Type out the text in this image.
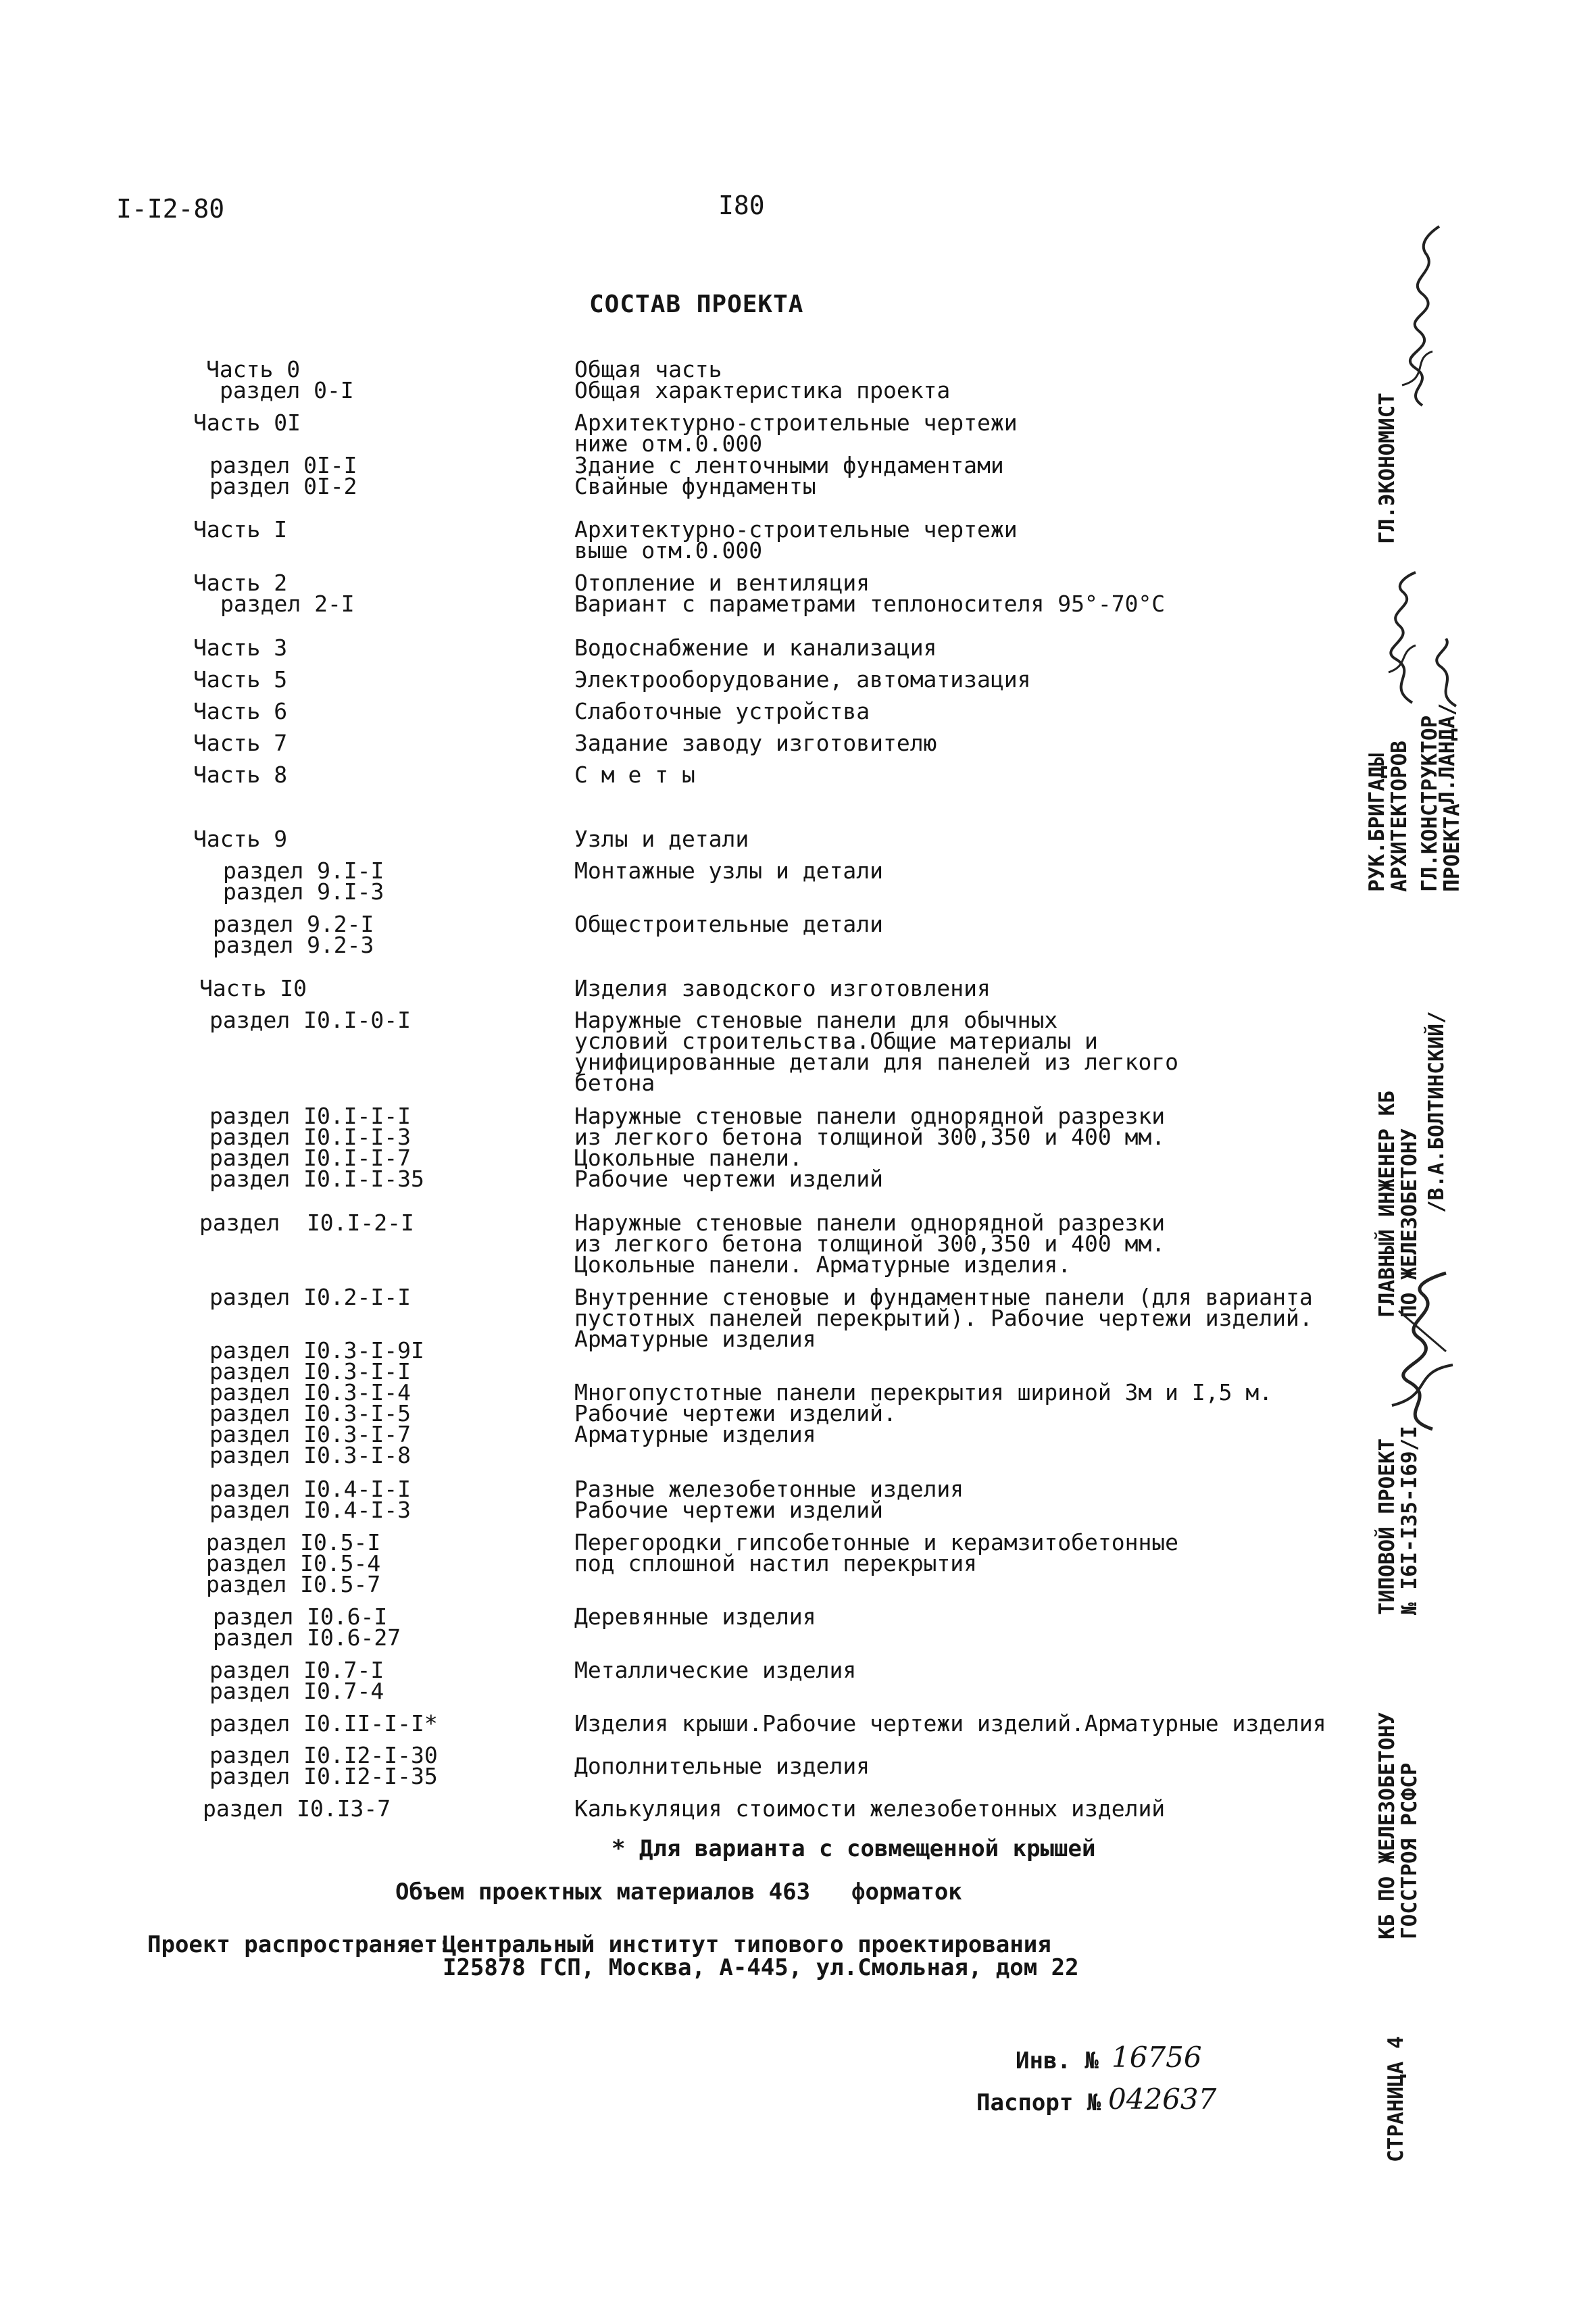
I-I2-80	I80
СОСТАВ ПРОЕКТА
Часть 0
раздел 0-I
Часть 0I
раздел 0I-I
раздел 0I-2
Часть I
Часть 2
раздел 2-I
Часть 3
Часть 5
Часть 6
Часть 7
Часть 8
Часть 9
раздел 9.I-I
раздел 9.I-3
раздел 9.2-I
раздел 9.2-3
Часть I0
раздел I0.I-0-I
раздел I0.I-I-I
раздел I0.I-I-3
раздел I0.I-I-7
раздел I0.I-I-35
раздел  I0.I-2-I
раздел I0.2-I-I
раздел I0.3-I-9I
раздел I0.3-I-I
раздел I0.3-I-4
раздел I0.3-I-5
раздел I0.3-I-7
раздел I0.3-I-8
раздел I0.4-I-I
раздел I0.4-I-3
раздел I0.5-I
раздел I0.5-4
раздел I0.5-7
раздел I0.6-I
раздел I0.6-27
раздел I0.7-I
раздел I0.7-4
раздел I0.II-I-I*
раздел I0.I2-I-30
раздел I0.I2-I-35
раздел I0.I3-7
Общая часть
Общая характеристика проекта
Архитектурно-строительные чертежи
ниже отм.0.000
Здание с ленточными фундаментами
Свайные фундаменты
Архитектурно-строительные чертежи
выше отм.0.000
Отопление и вентиляция
Вариант с параметрами теплоносителя 95°-70°С
Водоснабжение и канализация
Электрооборудование, автоматизация
Слаботочные устройства
Задание заводу изготовителю
С м е т ы
Узлы и детали
Монтажные узлы и детали
Общестроительные детали
Изделия заводского изготовления
Наружные стеновые панели для обычных
условий строительства.Общие материалы и
унифицированные детали для панелей из легкого
бетона
Наружные стеновые панели однорядной разрезки
из легкого бетона толщиной 300,350 и 400 мм.
Цокольные панели.
Рабочие чертежи изделий
Наружные стеновые панели однорядной разрезки
из легкого бетона толщиной 300,350 и 400 мм.
Цокольные панели. Арматурные изделия.
Внутренние стеновые и фундаментные панели (для варианта
пустотных панелей перекрытий). Рабочие чертежи изделий.
Арматурные изделия
Многопустотные панели перекрытия шириной 3м и I,5 м.
Рабочие чертежи изделий.
Арматурные изделия
Разные железобетонные изделия
Рабочие чертежи изделий
Перегородки гипсобетонные и керамзитобетонные
под сплошной настил перекрытия
Деревянные изделия
Металлические изделия
Изделия крыши.Рабочие чертежи изделий.Арматурные изделия
Дополнительные изделия
Калькуляция стоимости железобетонных изделий
* Для варианта с совмещенной крышей
Объем проектных материалов 463 форматок
Проект распространяет:
Центральный институт типового проектирования
I25878 ГСП, Москва, А-445, ул.Смольная, дом 22
Инв. № 16756
Паспорт № 042637
ГЛ.ЭКОНОМИСТ
РУК.БРИГАДЫ
АРХИТЕКТОРОВ Л.ЛАНДА/
ГЛ.КОНСТРУКТОР
ПРОЕКТА
ГЛАВНЫЙ ИНЖЕНЕР КБ
ПО ЖЕЛЕЗОБЕТОНУ
/В.А.БОЛТИНСКИЙ/
ТИПОВОЙ ПРОЕКТ
№ I6I-I35-I69/I
КБ ПО ЖЕЛЕЗОБЕТОНУ
ГОССТРОЯ РСФСР
СТРАНИЦА 4
